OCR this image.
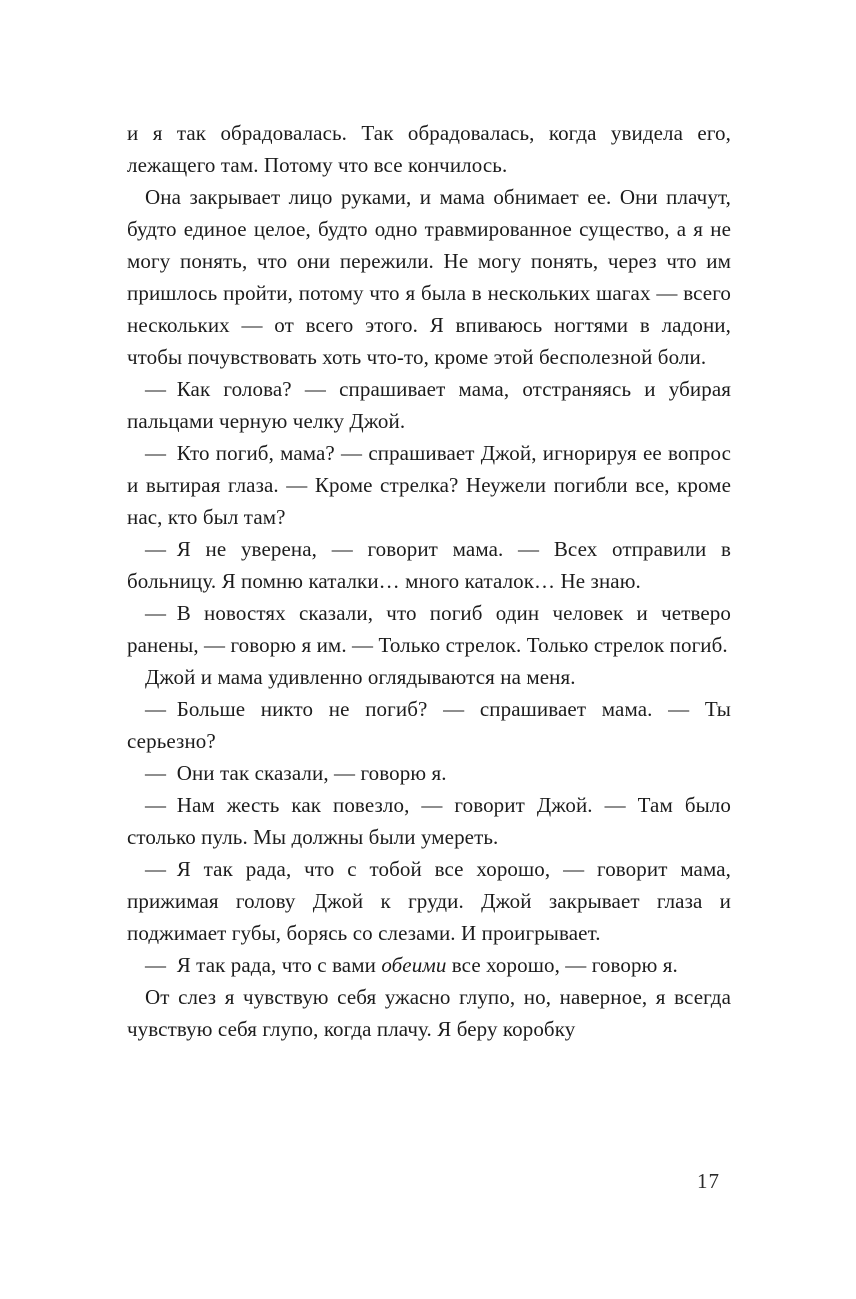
и я так обрадовалась. Так обрадовалась, когда увидела его, лежащего там. Потому что все кончилось.

Она закрывает лицо руками, и мама обнимает ее. Они плачут, будто единое целое, будто одно травмированное существо, а я не могу понять, что они пережили. Не могу понять, через что им пришлось пройти, потому что я была в нескольких шагах — всего нескольких — от всего этого. Я впиваюсь ногтями в ладони, чтобы почувствовать хоть что-то, кроме этой бесполезной боли.

— Как голова? — спрашивает мама, отстраняясь и убирая пальцами черную челку Джой.

— Кто погиб, мама? — спрашивает Джой, игнорируя ее вопрос и вытирая глаза. — Кроме стрелка? Неужели погибли все, кроме нас, кто был там?

— Я не уверена, — говорит мама. — Всех отправили в больницу. Я помню каталки… много каталок… Не знаю.

— В новостях сказали, что погиб один человек и четверо ранены, — говорю я им. — Только стрелок. Только стрелок погиб.

Джой и мама удивленно оглядываются на меня.

— Больше никто не погиб? — спрашивает мама. — Ты серьезно?

— Они так сказали, — говорю я.

— Нам жесть как повезло, — говорит Джой. — Там было столько пуль. Мы должны были умереть.

— Я так рада, что с тобой все хорошо, — говорит мама, прижимая голову Джой к груди. Джой закрывает глаза и поджимает губы, борясь со слезами. И проигрывает.

— Я так рада, что с вами обеими все хорошо, — говорю я.

От слез я чувствую себя ужасно глупо, но, наверное, я всегда чувствую себя глупо, когда плачу. Я беру коробку

17
